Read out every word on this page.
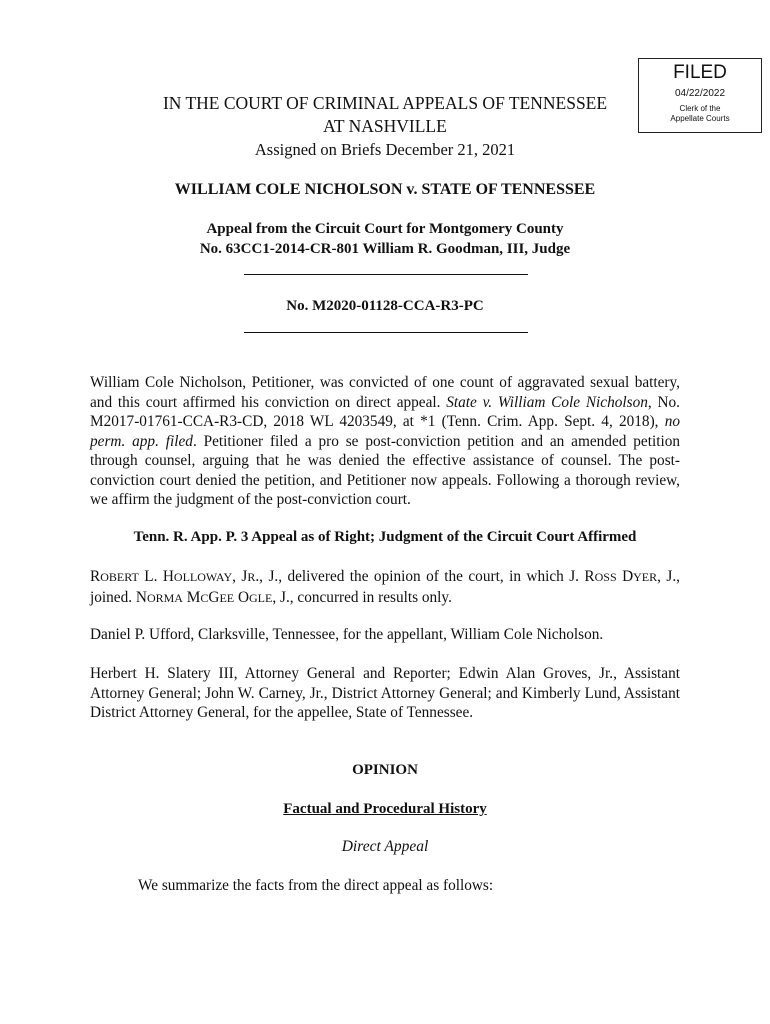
FILED
04/22/2022
Clerk of the
Appellate Courts
IN THE COURT OF CRIMINAL APPEALS OF TENNESSEE
AT NASHVILLE
Assigned on Briefs December 21, 2021
WILLIAM COLE NICHOLSON v. STATE OF TENNESSEE
Appeal from the Circuit Court for Montgomery County
No. 63CC1-2014-CR-801 William R. Goodman, III, Judge
No. M2020-01128-CCA-R3-PC
William Cole Nicholson, Petitioner, was convicted of one count of aggravated sexual battery, and this court affirmed his conviction on direct appeal. State v. William Cole Nicholson, No. M2017-01761-CCA-R3-CD, 2018 WL 4203549, at *1 (Tenn. Crim. App. Sept. 4, 2018), no perm. app. filed. Petitioner filed a pro se post-conviction petition and an amended petition through counsel, arguing that he was denied the effective assistance of counsel. The post-conviction court denied the petition, and Petitioner now appeals. Following a thorough review, we affirm the judgment of the post-conviction court.
Tenn. R. App. P. 3 Appeal as of Right; Judgment of the Circuit Court Affirmed
ROBERT L. HOLLOWAY, JR., J., delivered the opinion of the court, in which J. ROSS DYER, J., joined. NORMA MCGEE OGLE, J., concurred in results only.
Daniel P. Ufford, Clarksville, Tennessee, for the appellant, William Cole Nicholson.
Herbert H. Slatery III, Attorney General and Reporter; Edwin Alan Groves, Jr., Assistant Attorney General; John W. Carney, Jr., District Attorney General; and Kimberly Lund, Assistant District Attorney General, for the appellee, State of Tennessee.
OPINION
Factual and Procedural History
Direct Appeal
We summarize the facts from the direct appeal as follows:
